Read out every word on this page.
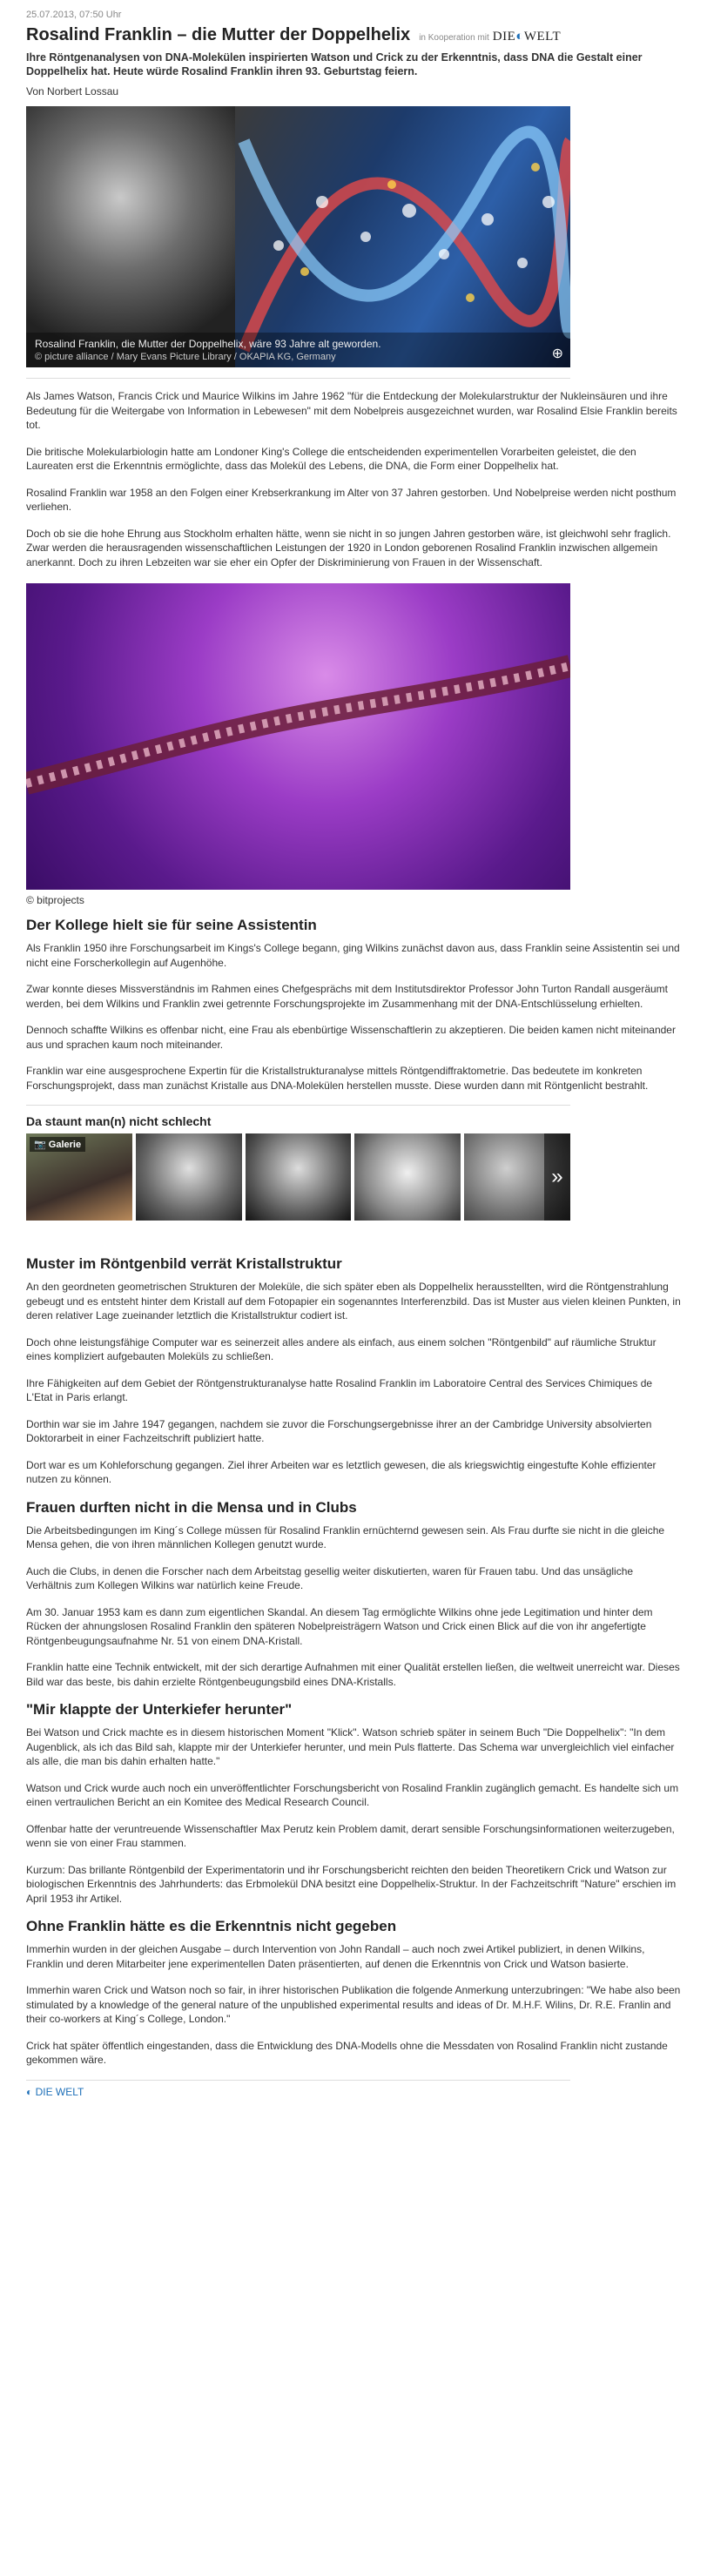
25.07.2013, 07:50 Uhr
Rosalind Franklin – die Mutter der Doppelhelix in Kooperation mit DIE◐WELT
Ihre Röntgenanalysen von DNA-Molekülen inspirierten Watson und Crick zu der Erkenntnis, dass DNA die Gestalt einer Doppelhelix hat. Heute würde Rosalind Franklin ihren 93. Geburtstag feiern.
Von Norbert Lossau
Rosalind Franklin, die Mutter der Doppelhelix, wäre 93 Jahre alt geworden.
© picture alliance / Mary Evans Picture Library / OKAPIA KG, Germany	⊕

Als James Watson, Francis Crick und Maurice Wilkins im Jahre 1962 "für die Entdeckung der Molekularstruktur der Nukleinsäuren und ihre Bedeutung für die Weitergabe von Information in Lebewesen" mit dem Nobelpreis ausgezeichnet wurden, war Rosalind Elsie Franklin bereits tot.

Die britische Molekularbiologin hatte am Londoner King's College die entscheidenden experimentellen Vorarbeiten geleistet, die den Laureaten erst die Erkenntnis ermöglichte, dass das Molekül des Lebens, die DNA, die Form einer Doppelhelix hat.

Rosalind Franklin war 1958 an den Folgen einer Krebserkrankung im Alter von 37 Jahren gestorben. Und Nobelpreise werden nicht posthum verliehen.

Doch ob sie die hohe Ehrung aus Stockholm erhalten hätte, wenn sie nicht in so jungen Jahren gestorben wäre, ist gleichwohl sehr fraglich. Zwar werden die herausragenden wissenschaftlichen Leistungen der 1920 in London geborenen Rosalind Franklin inzwischen allgemein anerkannt. Doch zu ihren Lebzeiten war sie eher ein Opfer der Diskriminierung von Frauen in der Wissenschaft.

© bitprojects
Der Kollege hielt sie für seine Assistentin

Als Franklin 1950 ihre Forschungsarbeit im Kings's College begann, ging Wilkins zunächst davon aus, dass Franklin seine Assistentin sei und nicht eine Forscherkollegin auf Augenhöhe.

Zwar konnte dieses Missverständnis im Rahmen eines Chefgesprächs mit dem Institutsdirektor Professor John Turton Randall ausgeräumt werden, bei dem Wilkins und Franklin zwei getrennte Forschungsprojekte im Zusammenhang mit der DNA-Entschlüsselung erhielten.

Dennoch schaffte Wilkins es offenbar nicht, eine Frau als ebenbürtige Wissenschaftlerin zu akzeptieren. Die beiden kamen nicht miteinander aus und sprachen kaum noch miteinander.

Franklin war eine ausgesprochene Expertin für die Kristallstrukturanalyse mittels Röntgendiffraktometrie. Das bedeutete im konkreten Forschungsprojekt, dass man zunächst Kristalle aus DNA-Molekülen herstellen musste. Diese wurden dann mit Röntgenlicht bestrahlt.

Da staunt man(n) nicht schlecht
📷 Galerie
»
Muster im Röntgenbild verrät Kristallstruktur

An den geordneten geometrischen Strukturen der Moleküle, die sich später eben als Doppelhelix herausstellten, wird die Röntgenstrahlung gebeugt und es entsteht hinter dem Kristall auf dem Fotopapier ein sogenanntes Interferenzbild. Das ist Muster aus vielen kleinen Punkten, in deren relativer Lage zueinander letztlich die Kristallstruktur codiert ist.

Doch ohne leistungsfähige Computer war es seinerzeit alles andere als einfach, aus einem solchen "Röntgenbild" auf räumliche Struktur eines kompliziert aufgebauten Moleküls zu schließen.

Ihre Fähigkeiten auf dem Gebiet der Röntgenstrukturanalyse hatte Rosalind Franklin im Laboratoire Central des Services Chimiques de L'Etat in Paris erlangt.

Dorthin war sie im Jahre 1947 gegangen, nachdem sie zuvor die Forschungsergebnisse ihrer an der Cambridge University absolvierten Doktorarbeit in einer Fachzeitschrift publiziert hatte.

Dort war es um Kohleforschung gegangen. Ziel ihrer Arbeiten war es letztlich gewesen, die als kriegswichtig eingestufte Kohle effizienter nutzen zu können.

Frauen durften nicht in die Mensa und in Clubs

Die Arbeitsbedingungen im King´s College müssen für Rosalind Franklin ernüchternd gewesen sein. Als Frau durfte sie nicht in die gleiche Mensa gehen, die von ihren männlichen Kollegen genutzt wurde.

Auch die Clubs, in denen die Forscher nach dem Arbeitstag gesellig weiter diskutierten, waren für Frauen tabu. Und das unsägliche Verhältnis zum Kollegen Wilkins war natürlich keine Freude.

Am 30. Januar 1953 kam es dann zum eigentlichen Skandal. An diesem Tag ermöglichte Wilkins ohne jede Legitimation und hinter dem Rücken der ahnungslosen Rosalind Franklin den späteren Nobelpreisträgern Watson und Crick einen Blick auf die von ihr angefertigte Röntgenbeugungsaufnahme Nr. 51 von einem DNA-Kristall.

Franklin hatte eine Technik entwickelt, mit der sich derartige Aufnahmen mit einer Qualität erstellen ließen, die weltweit unerreicht war. Dieses Bild war das beste, bis dahin erzielte Röntgenbeugungsbild eines DNA-Kristalls.

"Mir klappte der Unterkiefer herunter"

Bei Watson und Crick machte es in diesem historischen Moment "Klick". Watson schrieb später in seinem Buch "Die Doppelhelix": "In dem Augenblick, als ich das Bild sah, klappte mir der Unterkiefer herunter, und mein Puls flatterte. Das Schema war unvergleichlich viel einfacher als alle, die man bis dahin erhalten hatte."

Watson und Crick wurde auch noch ein unveröffentlichter Forschungsbericht von Rosalind Franklin zugänglich gemacht. Es handelte sich um einen vertraulichen Bericht an ein Komitee des Medical Research Council.

Offenbar hatte der veruntreuende Wissenschaftler Max Perutz kein Problem damit, derart sensible Forschungsinformationen weiterzugeben, wenn sie von einer Frau stammen.

Kurzum: Das brillante Röntgenbild der Experimentatorin und ihr Forschungsbericht reichten den beiden Theoretikern Crick und Watson zur biologischen Erkenntnis des Jahrhunderts: das Erbmolekül DNA besitzt eine Doppelhelix-Struktur. In der Fachzeitschrift "Nature" erschien im April 1953 ihr Artikel.

Ohne Franklin hätte es die Erkenntnis nicht gegeben

Immerhin wurden in der gleichen Ausgabe – durch Intervention von John Randall – auch noch zwei Artikel publiziert, in denen Wilkins, Franklin und deren Mitarbeiter jene experimentellen Daten präsentierten, auf denen die Erkenntnis von Crick und Watson basierte.

Immerhin waren Crick und Watson noch so fair, in ihrer historischen Publikation die folgende Anmerkung unterzubringen: "We habe also been stimulated by a knowledge of the general nature of the unpublished experimental results and ideas of Dr. M.H.F. Wilins, Dr. R.E. Franlin and their co-workers at King´s College, London."

Crick hat später öffentlich eingestanden, dass die Entwicklung des DNA-Modells ohne die Messdaten von Rosalind Franklin nicht zustande gekommen wäre.

◐ DIE WELT
